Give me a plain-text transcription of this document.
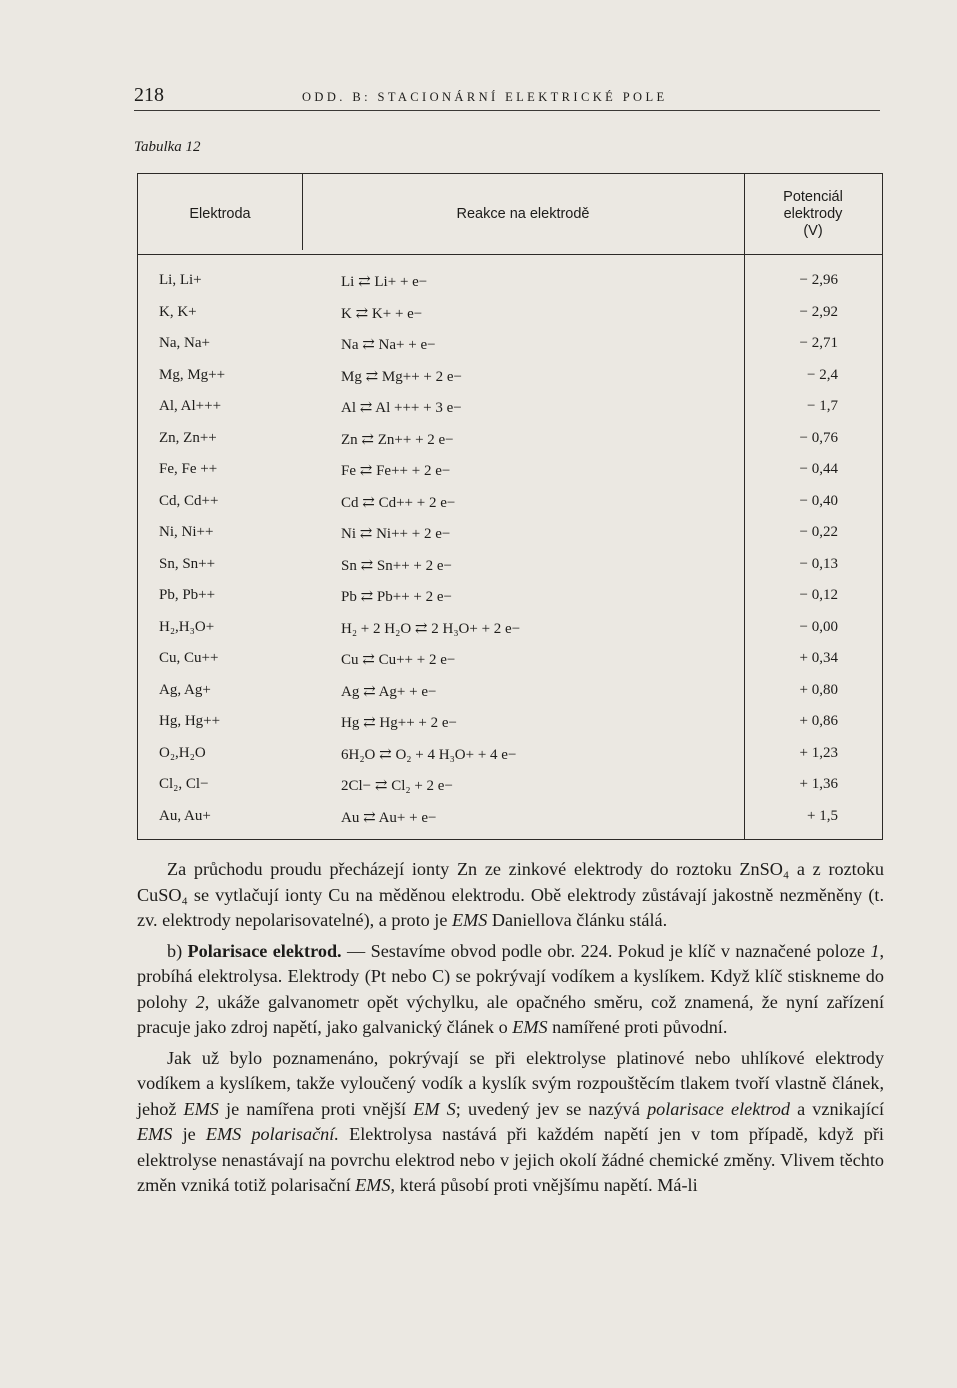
218	ODD. B: STACIONÁRNÍ ELEKTRICKÉ POLE
Tabulka 12
Elektroda	Reakce na elektrodě
Potenciál
elektrody
(V)
Li, Li+	Li ⇄ Li+ + e−	− 2,96
K, K+	K ⇄ K+ + e−	− 2,92
Na, Na+	Na ⇄ Na+ + e−	− 2,71
Mg, Mg++	Mg ⇄ Mg++ + 2 e−	− 2,4
Al, Al+++	Al ⇄ Al +++ + 3 e−	− 1,7
Zn, Zn++	Zn ⇄ Zn++ + 2 e−	− 0,76
Fe, Fe ++	Fe ⇄ Fe++ + 2 e−	− 0,44
Cd, Cd++	Cd ⇄ Cd++ + 2 e−	− 0,40
Ni, Ni++	Ni ⇄ Ni++ + 2 e−	− 0,22
Sn, Sn++	Sn ⇄ Sn++ + 2 e−	− 0,13
Pb, Pb++	Pb ⇄ Pb++ + 2 e−	− 0,12
H₂,H₃O+	H₂ + 2 H₂O ⇄ 2 H₃O+ + 2 e−	− 0,00
Cu, Cu++	Cu ⇄ Cu++ + 2 e−	+ 0,34
Ag, Ag+	Ag ⇄ Ag+ + e−	+ 0,80
Hg, Hg++	Hg ⇄ Hg++ + 2 e−	+ 0,86
O₂,H₂O	6H₂O ⇄ O₂ + 4 H₃O+ + 4 e−	+ 1,23
Cl₂, Cl−	2Cl− ⇄ Cl₂ + 2 e−	+ 1,36
Au, Au+	Au ⇄ Au+ + e−	+ 1,5

Za průchodu proudu přecházejí ionty Zn ze zinkové elektrody do roztoku ZnSO₄ a z roztoku CuSO₄ se vytlačují ionty Cu na měděnou elektrodu. Obě elektrody zůstávají jakostně nezměněny (t. zv. elektrody nepolarisovatelné), a proto je EMS Daniellova článku stálá.

b) Polarisace elektrod. — Sestavíme obvod podle obr. 224. Pokud je klíč v naznačené poloze 1, probíhá elektrolysa. Elektrody (Pt nebo C) se pokrývají vodíkem a kyslíkem. Když klíč stiskneme do polohy 2, ukáže galvanometr opět výchylku, ale opačného směru, což znamená, že nyní zařízení pracuje jako zdroj napětí, jako galvanický článek o EMS namířené proti původní.

Jak už bylo poznamenáno, pokrývají se při elektrolyse platinové nebo uhlíkové elektrody vodíkem a kyslíkem, takže vyloučený vodík a kyslík svým rozpouštěcím tlakem tvoří vlastně článek, jehož EMS je namířena proti vnější EM S; uvedený jev se nazývá polarisace elektrod a vznikající EMS je EMS polarisační. Elektrolysa nastává při každém napětí jen v tom případě, když při elektrolyse nenastávají na povrchu elektrod nebo v jejich okolí žádné chemické změny. Vlivem těchto změn vzniká totiž polarisační EMS, která působí proti vnějšímu napětí. Má-li
